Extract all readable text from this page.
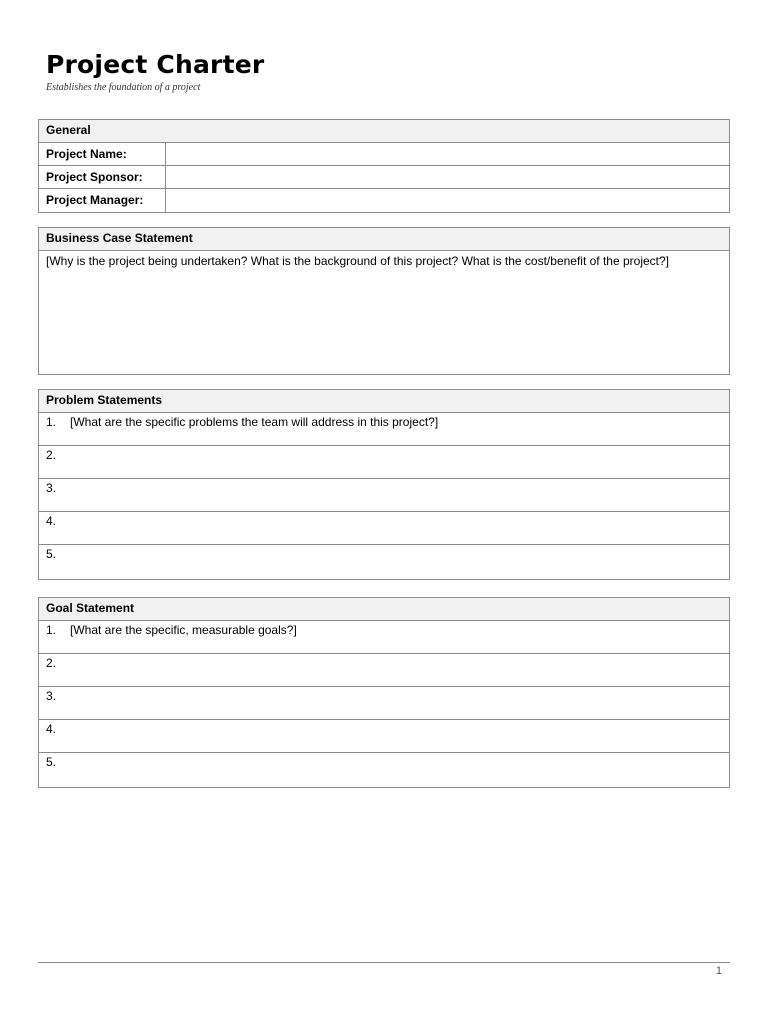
Project Charter
Establishes the foundation of a project
General
Project Name:
Project Sponsor:
Project Manager:
Business Case Statement
[Why is the project being undertaken? What is the background of this project? What is the cost/benefit of the project?]
Problem Statements
1.	[What are the specific problems the team will address in this project?]
2.
3.
4.
5.
Goal Statement
1.	[What are the specific, measurable goals?]
2.
3.
4.
5.
1
